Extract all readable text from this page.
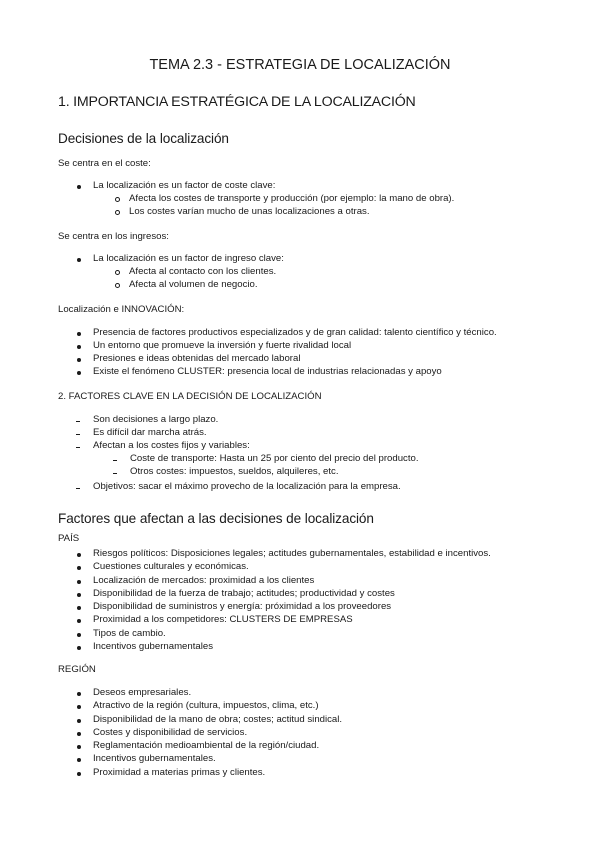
TEMA 2.3 - ESTRATEGIA DE LOCALIZACIÓN
1. IMPORTANCIA ESTRATÉGICA DE LA LOCALIZACIÓN
Decisiones de la localización
Se centra en el coste:
La localización es un factor de coste clave:
Afecta los costes de transporte y producción (por ejemplo: la mano de obra).
Los costes varían mucho de unas localizaciones a otras.
Se centra en los ingresos:
La localización es un factor de ingreso clave:
Afecta al contacto con los clientes.
Afecta al volumen de negocio.
Localización e INNOVACIÓN:
Presencia de factores productivos especializados y de gran calidad: talento científico y técnico.
Un entorno que promueve la inversión y fuerte rivalidad local
Presiones e ideas obtenidas del mercado laboral
Existe el fenómeno CLUSTER: presencia local de industrias relacionadas y apoyo
2. FACTORES CLAVE EN LA DECISIÓN DE LOCALIZACIÓN
Son decisiones a largo plazo.
Es difícil dar marcha atrás.
Afectan a los costes fijos y variables:
Coste de transporte: Hasta un 25 por ciento del precio del producto.
Otros costes: impuestos, sueldos, alquileres, etc.
Objetivos: sacar el máximo provecho de la localización para la empresa.
Factores que afectan a las decisiones de localización
PAÍS
Riesgos políticos: Disposiciones legales; actitudes gubernamentales, estabilidad e incentivos.
Cuestiones culturales y económicas.
Localización de mercados: proximidad a los clientes
Disponibilidad de la fuerza de trabajo; actitudes; productividad y costes
Disponibilidad de suministros y energía: próximidad a los proveedores
Proximidad a los competidores: CLUSTERS DE EMPRESAS
Tipos de cambio.
Incentivos gubernamentales
REGIÓN
Deseos empresariales.
Atractivo de la región (cultura, impuestos, clima, etc.)
Disponibilidad de la mano de obra; costes; actitud sindical.
Costes y disponibilidad de servicios.
Reglamentación medioambiental de la región/ciudad.
Incentivos gubernamentales.
Proximidad a materias primas y clientes.
